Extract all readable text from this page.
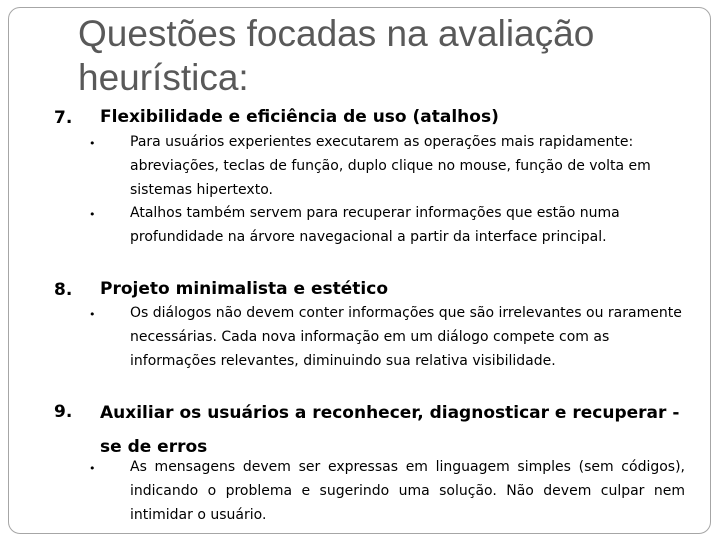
Questões focadas na avaliação heurística:
7. Flexibilidade e eficiência de uso (atalhos)
• Para usuários experientes executarem as operações mais rapidamente: abreviações, teclas de função, duplo clique no mouse, função de volta em sistemas hipertexto.
• Atalhos também servem para recuperar informações que estão numa profundidade na árvore navegacional a partir da interface principal.
8. Projeto minimalista e estético
• Os diálogos não devem conter informações que são irrelevantes ou raramente necessárias. Cada nova informação em um diálogo compete com as informações relevantes, diminuindo sua relativa visibilidade.
9. Auxiliar os usuários a reconhecer, diagnosticar e recuperar -se de erros
• As mensagens devem ser expressas em linguagem simples (sem códigos), indicando o problema e sugerindo uma solução. Não devem culpar nem intimidar o usuário.
